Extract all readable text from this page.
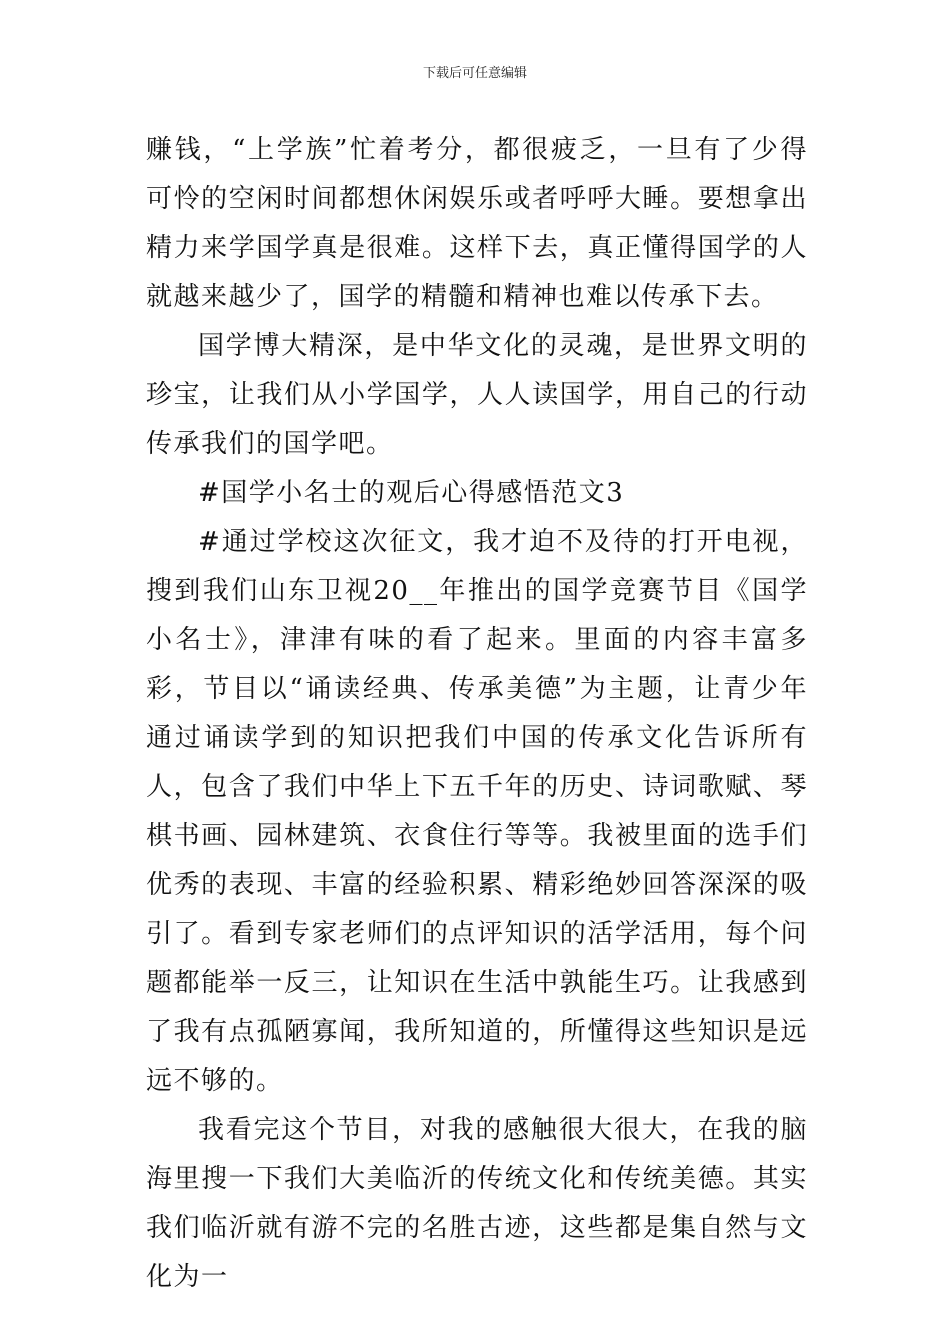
下载后可任意编辑

赚钱，“上学族”忙着考分，都很疲乏，一旦有了少得可怜的空闲时间都想休闲娱乐或者呼呼大睡。要想拿出精力来学国学真是很难。这样下去，真正懂得国学的人就越来越少了，国学的精髓和精神也难以传承下去。

国学博大精深，是中华文化的灵魂，是世界文明的珍宝，让我们从小学国学，人人读国学，用自己的行动传承我们的国学吧。

#国学小名士的观后心得感悟范文3

#通过学校这次征文，我才迫不及待的打开电视，搜到我们山东卫视20__年推出的国学竞赛节目《国学小名士》，津津有味的看了起来。里面的内容丰富多彩，节目以“诵读经典、传承美德”为主题，让青少年通过诵读学到的知识把我们中国的传承文化告诉所有人，包含了我们中华上下五千年的历史、诗词歌赋、琴棋书画、园林建筑、衣食住行等等。我被里面的选手们优秀的表现、丰富的经验积累、精彩绝妙回答深深的吸引了。看到专家老师们的点评知识的活学活用，每个问题都能举一反三，让知识在生活中孰能生巧。让我感到了我有点孤陋寡闻，我所知道的，所懂得这些知识是远远不够的。

我看完这个节目，对我的感触很大很大，在我的脑海里搜一下我们大美临沂的传统文化和传统美德。其实我们临沂就有游不完的名胜古迹，这些都是集自然与文化为一
